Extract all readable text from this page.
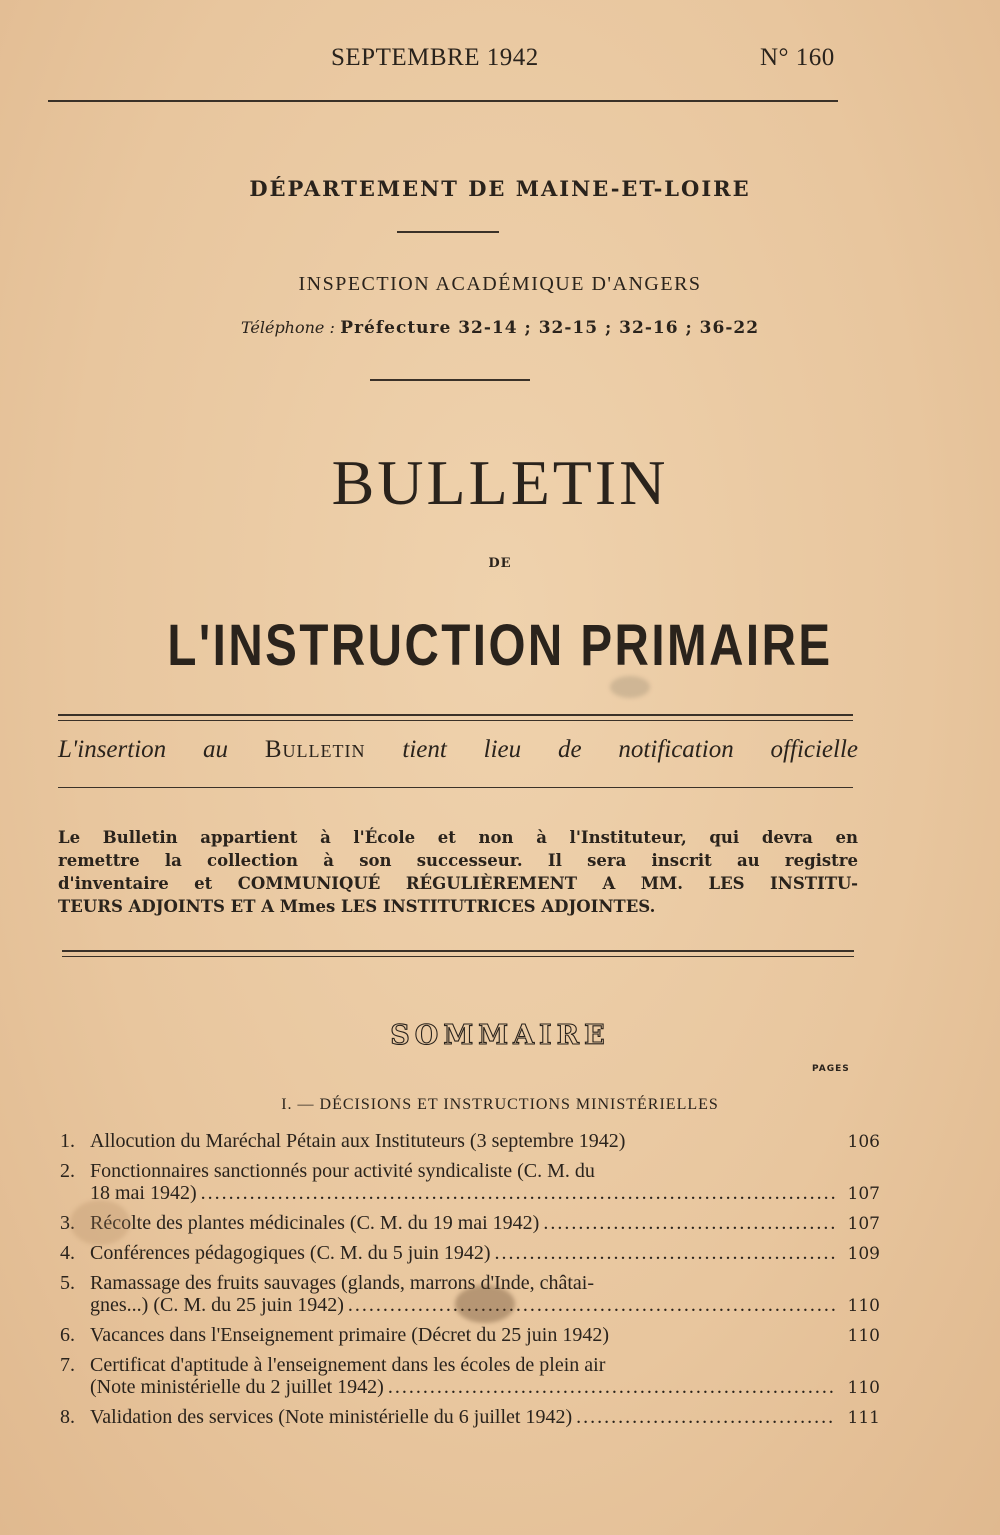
SEPTEMBRE 1942	N° 160
DÉPARTEMENT DE MAINE-ET-LOIRE
INSPECTION ACADÉMIQUE D'ANGERS
Téléphone : Préfecture 32-14 ; 32-15 ; 32-16 ; 36-22
BULLETIN
DE
L'INSTRUCTION PRIMAIRE
L'insertion au Bulletin tient lieu de notification officielle
Le Bulletin appartient à l'École et non à l'Instituteur, qui devra en
remettre la collection à son successeur. Il sera inscrit au registre
d'inventaire et COMMUNIQUÉ RÉGULIÈREMENT A MM. LES INSTITU-
TEURS ADJOINTS ET A Mmes LES INSTITUTRICES ADJOINTES.
SOMMAIRE
PAGES
I. — DÉCISIONS ET INSTRUCTIONS MINISTÉRIELLES
1. Allocution du Maréchal Pétain aux Instituteurs (3 septembre 1942)	106
2. Fonctionnaires sanctionnés pour activité syndicaliste (C. M. du
18 mai 1942) .....	107
3. Récolte des plantes médicinales (C. M. du 19 mai 1942) .....	107
4. Conférences pédagogiques (C. M. du 5 juin 1942) .....	109
5. Ramassage des fruits sauvages (glands, marrons d'Inde, châtai-
gnes...) (C. M. du 25 juin 1942) .....	110
6. Vacances dans l'Enseignement primaire (Décret du 25 juin 1942)	110
7. Certificat d'aptitude à l'enseignement dans les écoles de plein air
(Note ministérielle du 2 juillet 1942) .....	110
8. Validation des services (Note ministérielle du 6 juillet 1942) .....	111
